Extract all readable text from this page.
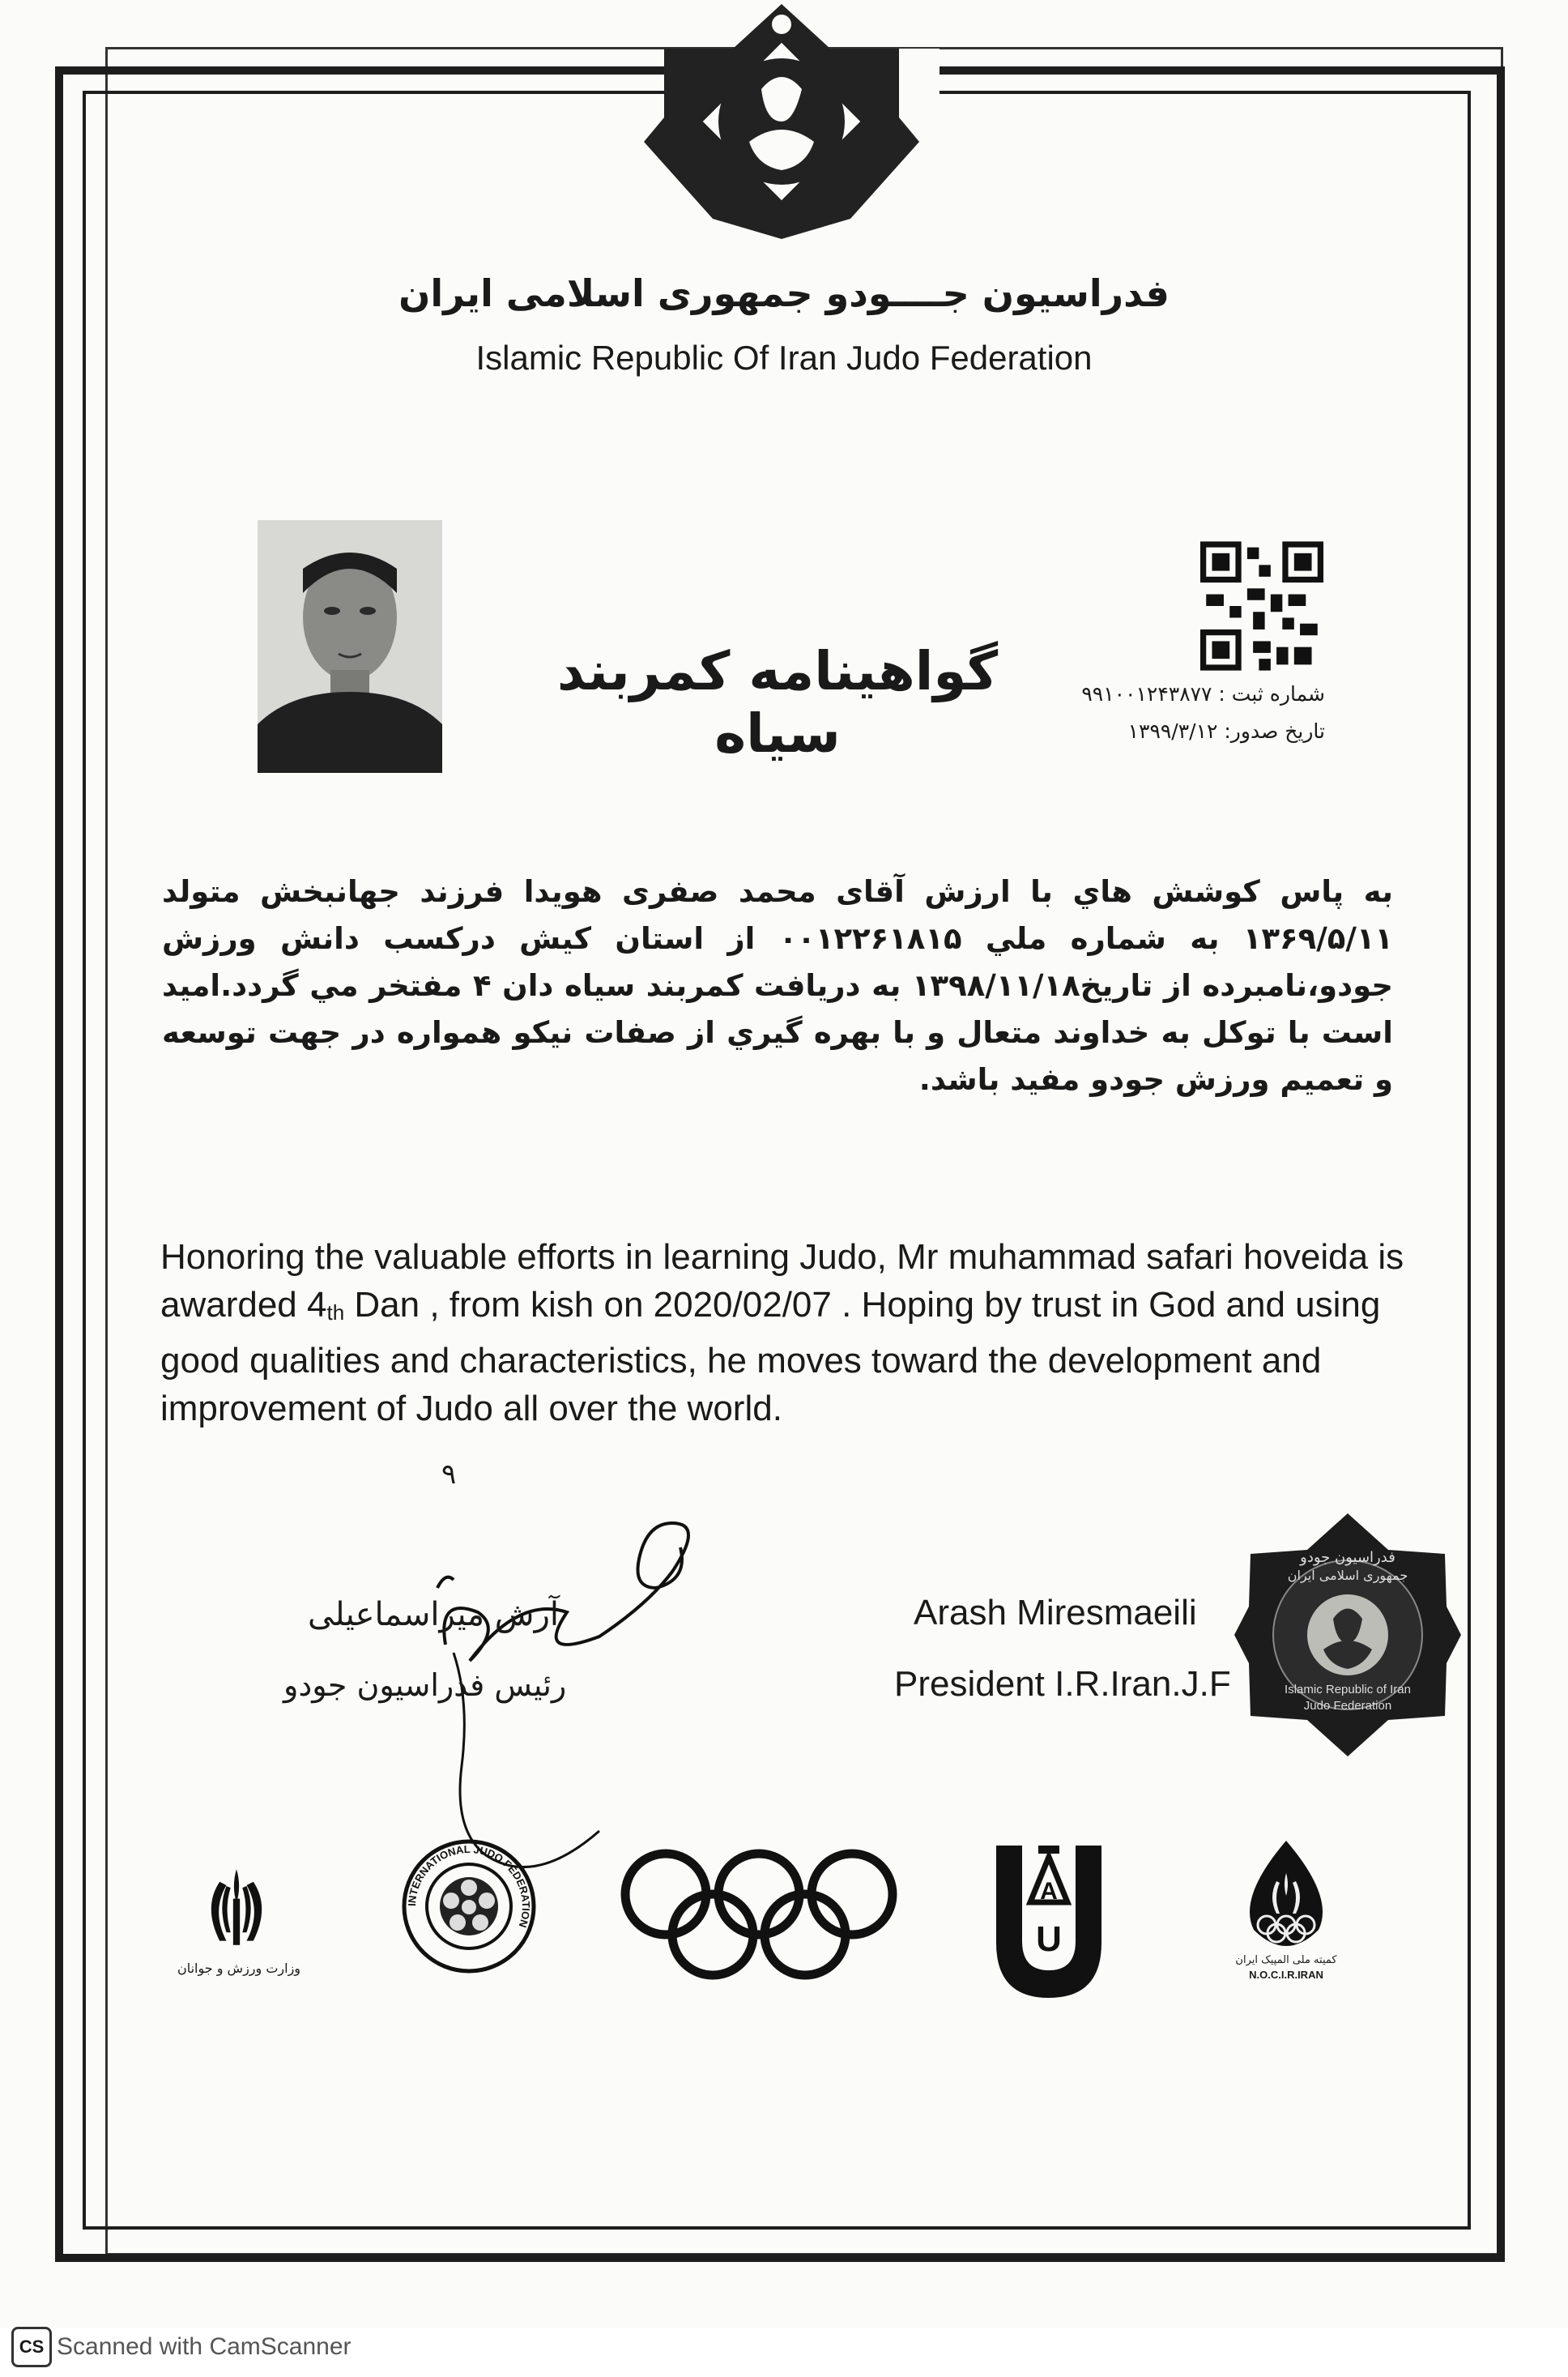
فدراسیون جــــودو جمهوری اسلامی ایران
Islamic Republic Of Iran Judo Federation
گواهینامه کمربند سیاه
شماره ثبت : ۹۹۱۰۰۱۲۴۳۸۷۷
تاریخ صدور: ۱۳۹۹/۳/۱۲
به پاس کوشش هاي با ارزش آقای محمد صفری هویدا فرزند جهانبخش متولد ۱۳۶۹/۵/۱۱ به شماره ملي ۰۰۱۲۲۶۱۸۱۵ از استان کیش درکسب دانش ورزش جودو،نامبرده از تاریخ۱۳۹۸/۱۱/۱۸ به دریافت کمربند سیاه دان ۴ مفتخر مي گردد.امید است با توکل به خداوند متعال و با بهره گيري از صفات نیکو همواره در جهت توسعه و تعمیم ورزش جودو مفید باشد.
Honoring the valuable efforts in learning Judo, Mr muhammad safari hoveida is awarded $4_{th}$ Dan , from kish on 2020/02/07 . Hoping by trust in God and using good qualities and characteristics, he moves toward the development and improvement of Judo all over the world.
۹
آرش میراسماعیلی
رئیس فدراسیون جودو
Arash Miresmaeili
President I.R.Iran.J.F
فدراسیون جودو
جمهوری اسلامی ایران
Islamic Republic of Iran
Judo Federation
وزارت ورزش و جوانان
INTERNATIONAL JUDO FEDERATION
A
U
کمیته ملی المپیک ایران
N.O.C.I.R.IRAN
CS Scanned with CamScanner
